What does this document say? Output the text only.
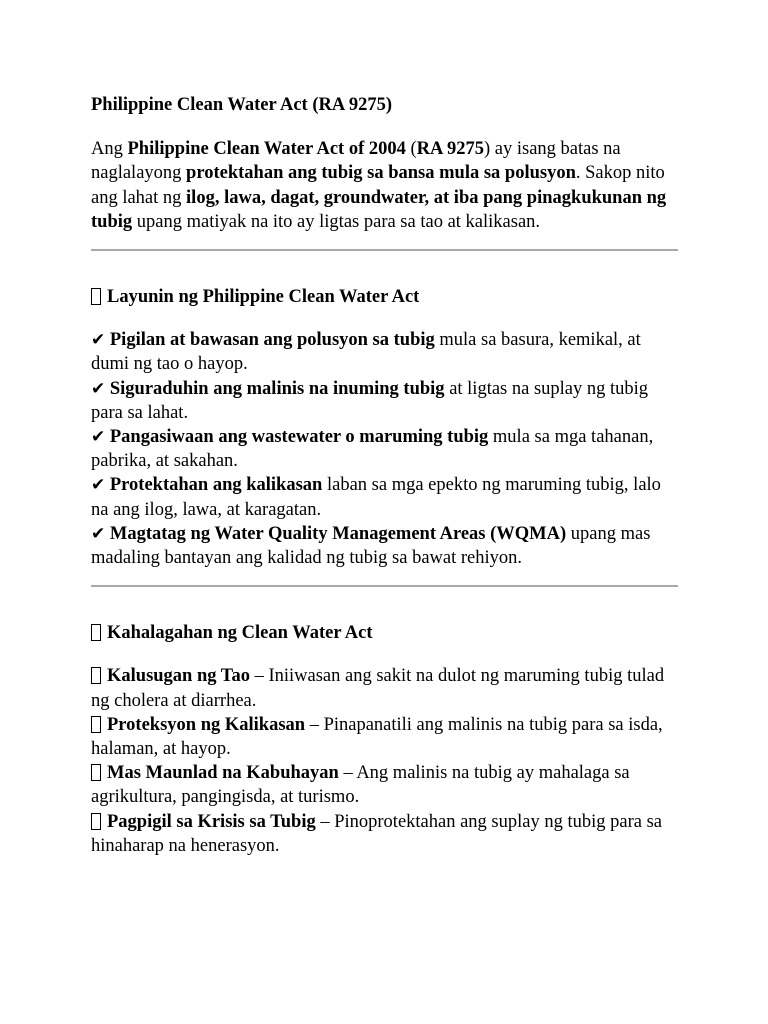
Philippine Clean Water Act (RA 9275)

Ang Philippine Clean Water Act of 2004 (RA 9275) ay isang batas na naglalayong protektahan ang tubig sa bansa mula sa polusyon. Sakop nito ang lahat ng ilog, lawa, dagat, groundwater, at iba pang pinagkukunan ng tubig upang matiyak na ito ay ligtas para sa tao at kalikasan.

Layunin ng Philippine Clean Water Act

✔ Pigilan at bawasan ang polusyon sa tubig mula sa basura, kemikal, at dumi ng tao o hayop.

✔ Siguraduhin ang malinis na inuming tubig at ligtas na suplay ng tubig para sa lahat.

✔ Pangasiwaan ang wastewater o maruming tubig mula sa mga tahanan, pabrika, at sakahan.

✔ Protektahan ang kalikasan laban sa mga epekto ng maruming tubig, lalo na ang ilog, lawa, at karagatan.

✔ Magtatag ng Water Quality Management Areas (WQMA) upang mas madaling bantayan ang kalidad ng tubig sa bawat rehiyon.

Kahalagahan ng Clean Water Act

Kalusugan ng Tao – Iniiwasan ang sakit na dulot ng maruming tubig tulad ng cholera at diarrhea.

Proteksyon ng Kalikasan – Pinapanatili ang malinis na tubig para sa isda, halaman, at hayop.

Mas Maunlad na Kabuhayan – Ang malinis na tubig ay mahalaga sa agrikultura, pangingisda, at turismo.

Pagpigil sa Krisis sa Tubig – Pinoprotektahan ang suplay ng tubig para sa hinaharap na henerasyon.
